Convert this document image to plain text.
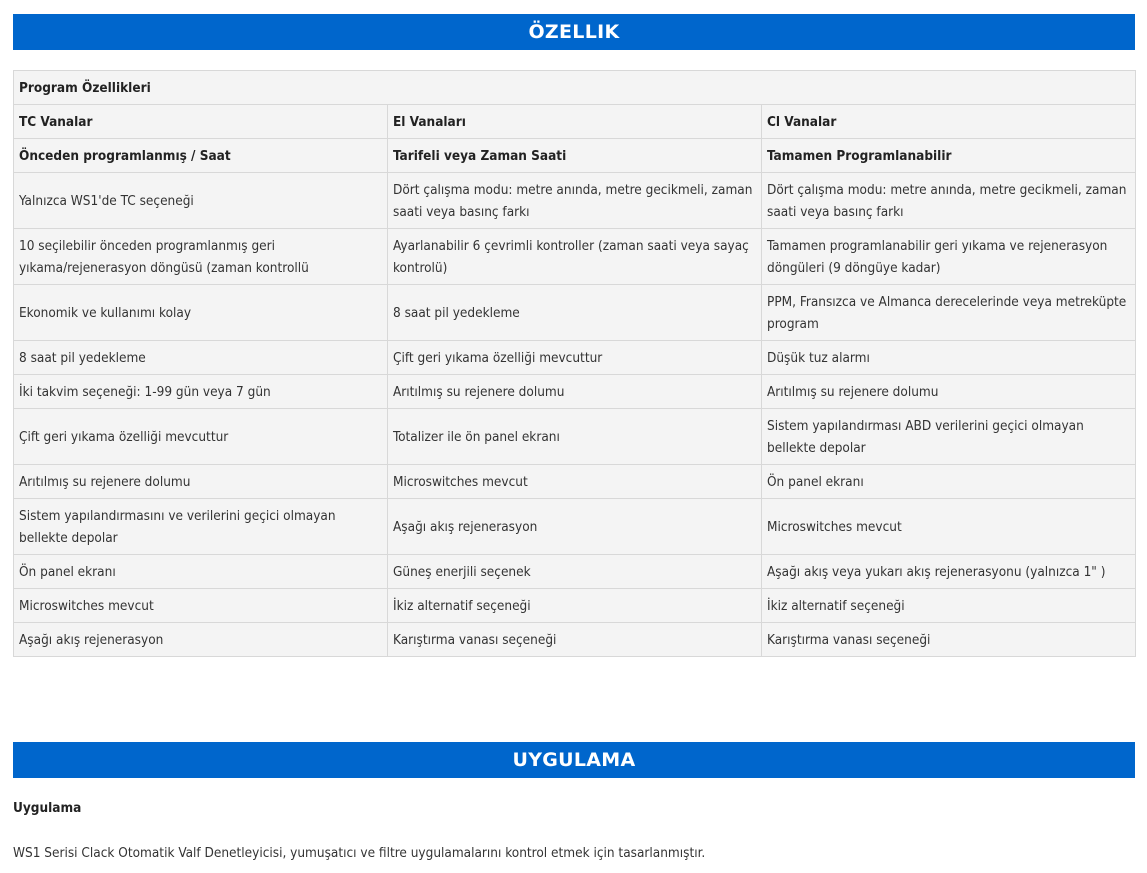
ÖZELLIK
Program Özellikleri		
TC Vanalar	El Vanaları	Cl Vanalar
Önceden programlanmış / Saat	Tarifeli veya Zaman Saati	Tamamen Programlanabilir
Yalnızca WS1'de TC seçeneği	Dört çalışma modu: metre anında, metre gecikmeli, zaman saati veya basınç farkı	Dört çalışma modu: metre anında, metre gecikmeli, zaman saati veya basınç farkı
10 seçilebilir önceden programlanmış geri yıkama/rejenerasyon döngüsü (zaman kontrollü	Ayarlanabilir 6 çevrimli kontroller (zaman saati veya sayaç kontrolü)	Tamamen programlanabilir geri yıkama ve rejenerasyon döngüleri (9 döngüye kadar)
Ekonomik ve kullanımı kolay	8 saat pil yedekleme	PPM, Fransızca ve Almanca derecelerinde veya metreküpte program
8 saat pil yedekleme	Çift geri yıkama özelliği mevcuttur	Düşük tuz alarmı
İki takvim seçeneği: 1-99 gün veya 7 gün	Arıtılmış su rejenere dolumu	Arıtılmış su rejenere dolumu
Çift geri yıkama özelliği mevcuttur	Totalizer ile ön panel ekranı	Sistem yapılandırması ABD verilerini geçici olmayan bellekte depolar
Arıtılmış su rejenere dolumu	Microswitches mevcut	Ön panel ekranı
Sistem yapılandırmasını ve verilerini geçici olmayan bellekte depolar	Aşağı akış rejenerasyon	Microswitches mevcut
Ön panel ekranı	Güneş enerjili seçenek	Aşağı akış veya yukarı akış rejenerasyonu (yalnızca 1" )
Microswitches mevcut	İkiz alternatif seçeneği	İkiz alternatif seçeneği
Aşağı akış rejenerasyon	Karıştırma vanası seçeneği	Karıştırma vanası seçeneği
UYGULAMA
Uygulama
WS1 Serisi Clack Otomatik Valf Denetleyicisi, yumuşatıcı ve filtre uygulamalarını kontrol etmek için tasarlanmıştır.
